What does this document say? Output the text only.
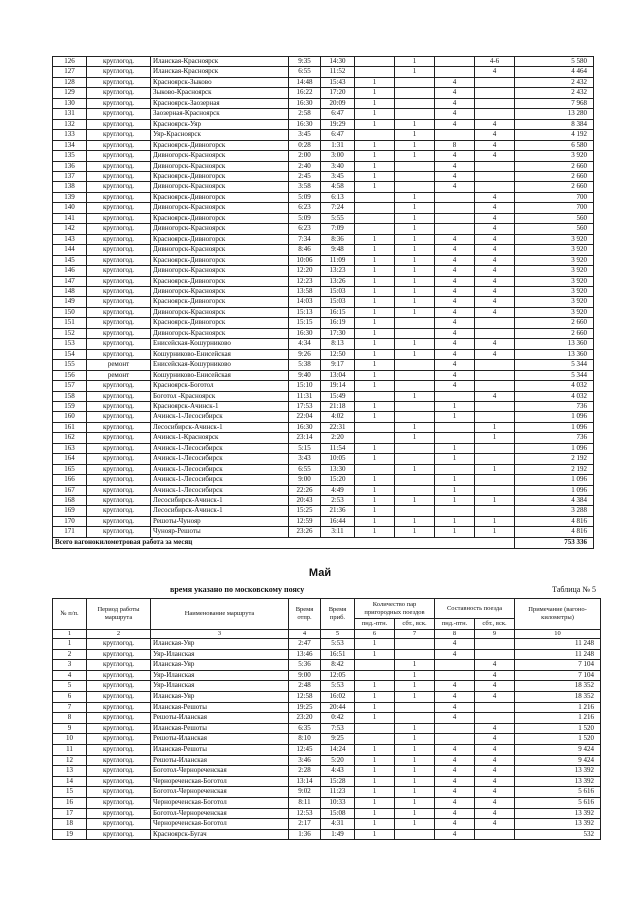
126	круглогод.	Иланская-Красноярск	9:35	14:30		1		4-6	5 580
127	круглогод.	Иланская-Красноярск	6:55	11:52		1		4	4 464
128	круглогод.	Красноярск-Зыково	14:48	15:43	1		4		2 432
129	круглогод.	Зыково-Красноярск	16:22	17:20	1		4		2 432
130	круглогод.	Красноярск-Заозерная	16:30	20:09	1		4		7 968
131	круглогод.	Заозерная-Красноярск	2:58	6:47	1		4		13 280
132	круглогод.	Красноярск-Уяр	16:30	19:29	1	1	4	4	8 384
133	круглогод.	Уяр-Красноярск	3:45	6:47		1		4	4 192
134	круглогод.	Красноярск-Дивногорск	0:28	1:31	1	1	8	4	6 580
135	круглогод.	Дивногорск-Красноярск	2:00	3:00	1	1	4	4	3 920
136	круглогод.	Дивногорск-Красноярск	2:40	3:40	1		4		2 660
137	круглогод.	Красноярск-Дивногорск	2:45	3:45	1		4		2 660
138	круглогод.	Дивногорск-Красноярск	3:58	4:58	1		4		2 660
139	круглогод.	Красноярск-Дивногорск	5:09	6:13		1		4	700
140	круглогод.	Дивногорск-Красноярск	6:23	7:24		1		4	700
141	круглогод.	Красноярск-Дивногорск	5:09	5:55		1		4	560
142	круглогод.	Дивногорск-Красноярск	6:23	7:09		1		4	560
143	круглогод.	Красноярск-Дивногорск	7:34	8:36	1	1	4	4	3 920
144	круглогод.	Дивногорск-Красноярск	8:46	9:48	1	1	4	4	3 920
145	круглогод.	Красноярск-Дивногорск	10:06	11:09	1	1	4	4	3 920
146	круглогод.	Дивногорск-Красноярск	12:20	13:23	1	1	4	4	3 920
147	круглогод.	Красноярск-Дивногорск	12:23	13:26	1	1	4	4	3 920
148	круглогод.	Дивногорск-Красноярск	13:58	15:03	1	1	4	4	3 920
149	круглогод.	Красноярск-Дивногорск	14:03	15:03	1	1	4	4	3 920
150	круглогод.	Дивногорск-Красноярск	15:13	16:15	1	1	4	4	3 920
151	круглогод.	Красноярск-Дивногорск	15:15	16:19	1		4		2 660
152	круглогод.	Дивногорск-Красноярск	16:30	17:30	1		4		2 660
153	круглогод.	Енисейская-Кошурниково	4:34	8:13	1	1	4	4	13 360
154	круглогод.	Кошурниково-Енисейская	9:26	12:50	1	1	4	4	13 360
155	ремонт	Енисейская-Кошурниково	5:38	9:17	1		4		5 344
156	ремонт	Кошурниково-Енисейская	9:40	13:04	1		4		5 344
157	круглогод.	Красноярск-Боготол	15:10	19:14	1		4		4 032
158	круглогод.	Боготол -Красноярск	11:31	15:49		1		4	4 032
159	круглогод.	Красноярск-Ачинск-1	17:53	21:18	1		1		736
160	круглогод.	Ачинск-1-Лесосибирск	22:04	4:02	1		1		1 096
161	круглогод.	Лесосибирск-Ачинск-1	16:30	22:31		1		1	1 096
162	круглогод.	Ачинск-1-Красноярск	23:14	2:20		1		1	736
163	круглогод.	Ачинск-1-Лесосибирск	5:15	11:54	1		1		1 096
164	круглогод.	Ачинск-1-Лесосибирск	3:43	10:05	1		1		2 192
165	круглогод.	Ачинск-1-Лесосибирск	6:55	13:30		1		1	2 192
166	круглогод.	Ачинск-1-Лесосибирск	9:00	15:20	1		1		1 096
167	круглогод.	Ачинск-1-Лесосибирск	22:26	4:49	1		1		1 096
168	круглогод.	Лесосибирск-Ачинск-1	20:43	2:53	1	1	1	1	4 384
169	круглогод.	Лесосибирск-Ачинск-1	15:25	21:36	1				3 288
170	круглогод.	Решоты-Чунояр	12:59	16:44	1	1	1	1	4 816
171	круглогод.	Чунояр-Решоты	23:26	3:11	1	1	1	1	4 816
Всего вагонокилометровая работа за месяц									753 336
Май
время указано по московскому поясу	Таблица № 5
№ п/п.	Период работы маршрута	Наименование маршрута	Время отпр.	Время приб.	Количество пар пригородных поездов		Составность поезда		Примечание (вагоно-километры)
					пнд.-птн.	сбт., вск.	пнд.-птн.	сбт., вск.	
1	2	3	4	5	6	7	8	9	10
1	круглогод.	Иланская-Уяр	2:47	5:53	1		4		11 248
2	круглогод.	Уяр-Иланская	13:46	16:51	1		4		11 248
3	круглогод.	Иланская-Уяр	5:36	8:42		1		4	7 104
4	круглогод.	Уяр-Иланская	9:00	12:05		1		4	7 104
5	круглогод.	Уяр-Иланская	2:48	5:53	1	1	4	4	18 352
6	круглогод.	Иланская-Уяр	12:58	16:02	1	1	4	4	18 352
7	круглогод.	Иланская-Решоты	19:25	20:44	1		4		1 216
8	круглогод.	Решоты-Иланская	23:20	0:42	1		4		1 216
9	круглогод.	Иланская-Решоты	6:35	7:53		1		4	1 520
10	круглогод.	Решоты-Иланская	8:10	9:25		1		4	1 520
11	круглогод.	Иланская-Решоты	12:45	14:24	1	1	4	4	9 424
12	круглогод.	Решоты-Иланская	3:46	5:20	1	1	4	4	9 424
13	круглогод.	Боготол-Чернореченская	2:28	4:43	1	1	4	4	13 392
14	круглогод.	Чернореченская-Боготол	13:14	15:28	1	1	4	4	13 392
15	круглогод.	Боготол-Чернореченская	9:02	11:23	1	1	4	4	5 616
16	круглогод.	Чернореченская-Боготол	8:11	10:33	1	1	4	4	5 616
17	круглогод.	Боготол-Чернореченская	12:53	15:08	1	1	4	4	13 392
18	круглогод.	Чернореченская-Боготол	2:17	4:31	1	1	4	4	13 392
19	круглогод.	Красноярск-Бугач	1:36	1:49	1		4		532
